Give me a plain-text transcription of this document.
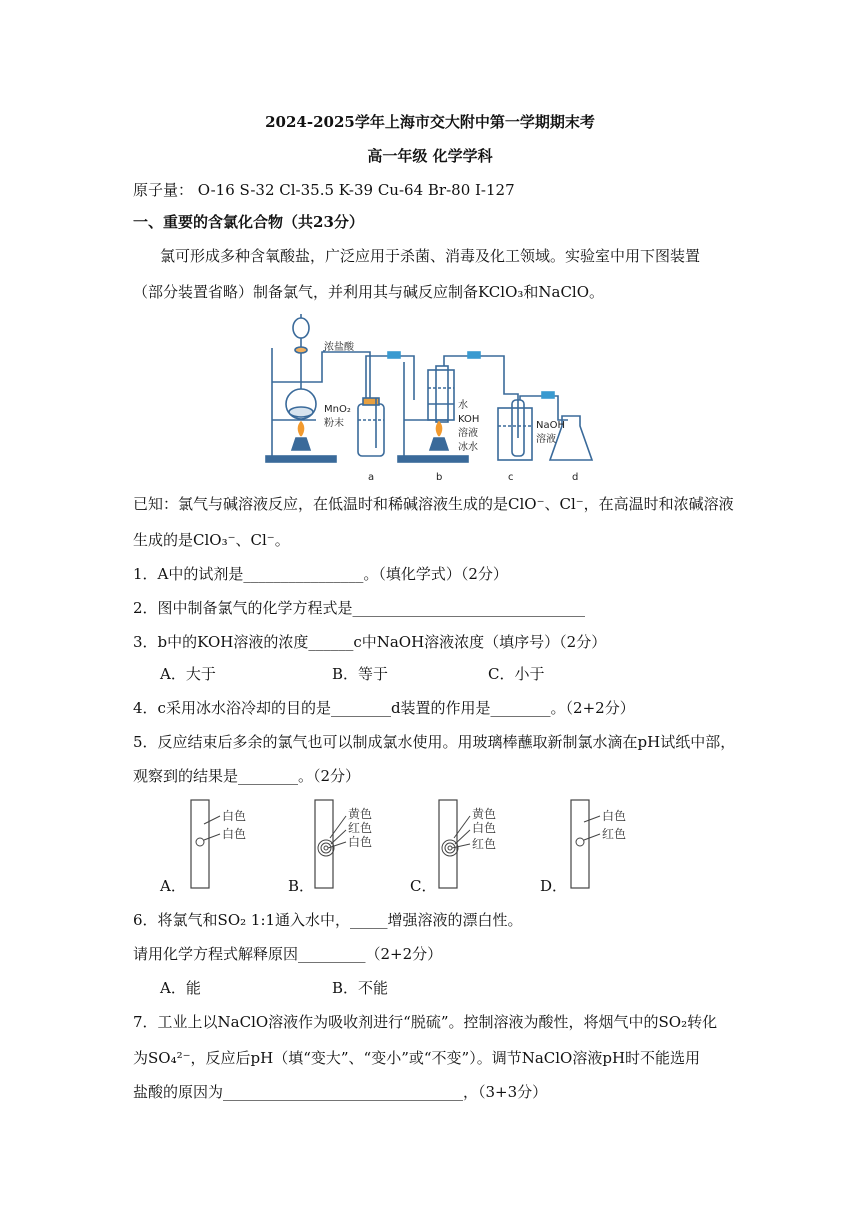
2024-2025学年上海市交大附中第一学期期末考
高一年级 化学学科
原子量： O-16 S-32 Cl-35.5 K-39 Cu-64 Br-80 I-127
一、重要的含氯化合物（共23分）
氯可形成多种含氧酸盐，广泛应用于杀菌、消毒及化工领域。实验室中用下图装置
（部分装置省略）制备氯气，并利用其与碱反应制备KClO₃和NaClO。
浓盐酸
MnO₂
粉末
水
KOH
溶液
冰水
NaOH
溶液
a	b	c	d
已知：氯气与碱溶液反应，在低温时和稀碱溶液生成的是ClO⁻、Cl⁻，在高温时和浓碱溶液
生成的是ClO₃⁻、Cl⁻。
1．A中的试剂是________________。（填化学式）（2分）
2．图中制备氯气的化学方程式是_______________________________
3．b中的KOH溶液的浓度______c中NaOH溶液浓度（填序号）（2分）
A．大于	B．等于	C．小于
4．c采用冰水浴冷却的目的是________d装置的作用是________。（2+2分）
5．反应结束后多余的氯气也可以制成氯水使用。用玻璃棒蘸取新制氯水滴在pH试纸中部，
观察到的结果是________。（2分）
白色
白色
黄色
红色
白色
黄色
白色
红色
白色
红色
A．	B．	C．	D．
6．将氯气和SO₂ 1:1通入水中，_____增强溶液的漂白性。
请用化学方程式解释原因_________（2+2分）
A．能	B．不能
7．工业上以NaClO溶液作为吸收剂进行“脱硫”。控制溶液为酸性，将烟气中的SO₂转化
为SO₄²⁻，反应后pH（填“变大”、“变小”或“不变”）。调节NaClO溶液pH时不能选用
盐酸的原因为________________________________，（3+3分）
